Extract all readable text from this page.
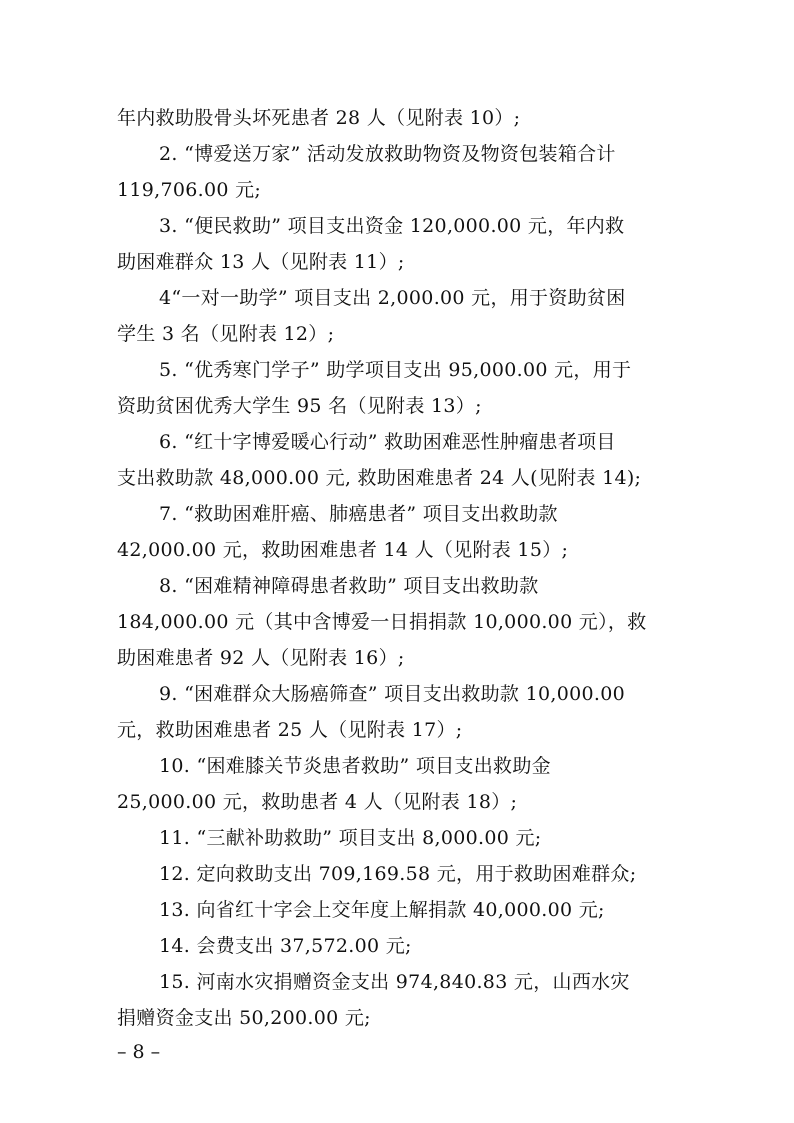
年内救助股骨头坏死患者 28 人（见附表 10）;
2. “博爱送万家” 活动发放救助物资及物资包装箱合计
119,706.00 元;
3. “便民救助” 项目支出资金 120,000.00 元，年内救
助困难群众 13 人（见附表 11）;
4“一对一助学” 项目支出 2,000.00 元，用于资助贫困
学生 3 名（见附表 12）;
5. “优秀寒门学子” 助学项目支出 95,000.00 元，用于
资助贫困优秀大学生 95 名（见附表 13）;
6. “红十字博爱暖心行动” 救助困难恶性肿瘤患者项目
支出救助款 48,000.00 元, 救助困难患者 24 人(见附表 14);
7. “救助困难肝癌、肺癌患者” 项目支出救助款
42,000.00 元，救助困难患者 14 人（见附表 15）;
8. “困难精神障碍患者救助” 项目支出救助款
184,000.00 元（其中含博爱一日捐捐款 10,000.00 元），救
助困难患者 92 人（见附表 16）;
9. “困难群众大肠癌筛查” 项目支出救助款 10,000.00
元，救助困难患者 25 人（见附表 17）;
10. “困难膝关节炎患者救助” 项目支出救助金
25,000.00 元，救助患者 4 人（见附表 18）;
11. “三献补助救助” 项目支出 8,000.00 元;
12. 定向救助支出 709,169.58 元，用于救助困难群众;
13. 向省红十字会上交年度上解捐款 40,000.00 元;
14. 会费支出 37,572.00 元;
15. 河南水灾捐赠资金支出 974,840.83 元，山西水灾
捐赠资金支出 50,200.00 元;
– 8 –
